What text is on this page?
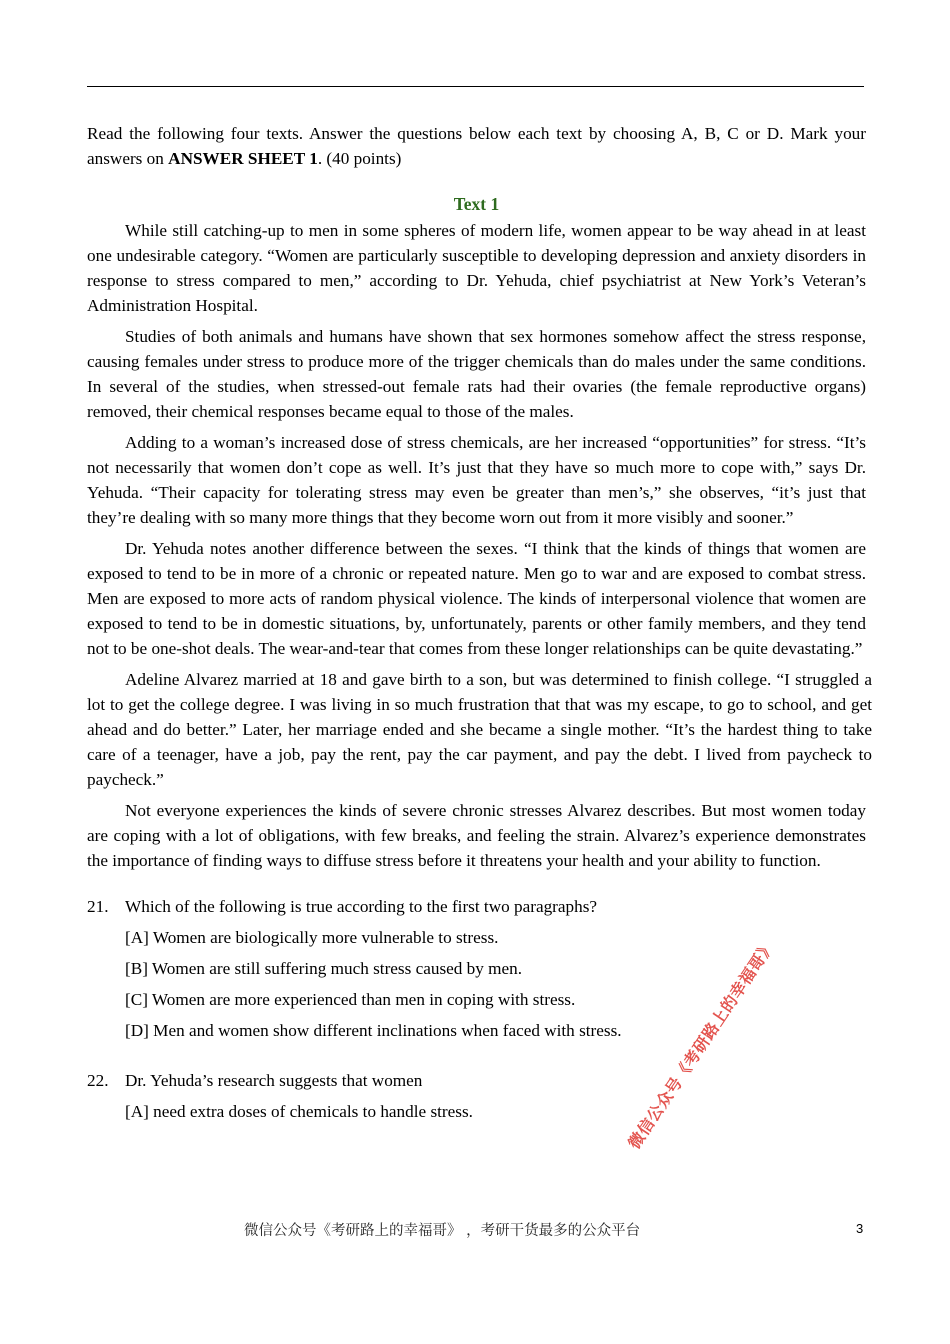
Read the following four texts. Answer the questions below each text by choosing A, B, C or D. Mark your answers on ANSWER SHEET 1. (40 points)

Text 1

While still catching-up to men in some spheres of modern life, women appear to be way ahead in at least one undesirable category. “Women are particularly susceptible to developing depression and anxiety disorders in response to stress compared to men,” according to Dr. Yehuda, chief psychiatrist at New York’s Veteran’s Administration Hospital.

Studies of both animals and humans have shown that sex hormones somehow affect the stress response, causing females under stress to produce more of the trigger chemicals than do males under the same conditions. In several of the studies, when stressed-out female rats had their ovaries (the female reproductive organs) removed, their chemical responses became equal to those of the males.

Adding to a woman’s increased dose of stress chemicals, are her increased “opportunities” for stress. “It’s not necessarily that women don’t cope as well. It’s just that they have so much more to cope with,” says Dr. Yehuda. “Their capacity for tolerating stress may even be greater than men’s,” she observes, “it’s just that they’re dealing with so many more things that they become worn out from it more visibly and sooner.”

Dr. Yehuda notes another difference between the sexes. “I think that the kinds of things that women are exposed to tend to be in more of a chronic or repeated nature. Men go to war and are exposed to combat stress. Men are exposed to more acts of random physical violence. The kinds of interpersonal violence that women are exposed to tend to be in domestic situations, by, unfortunately, parents or other family members, and they tend not to be one-shot deals. The wear-and-tear that comes from these longer relationships can be quite devastating.”

Adeline Alvarez married at 18 and gave birth to a son, but was determined to finish college. “I struggled a lot to get the college degree. I was living in so much frustration that that was my escape, to go to school, and get ahead and do better.” Later, her marriage ended and she became a single mother. “It’s the hardest thing to take care of a teenager, have a job, pay the rent, pay the car payment, and pay the debt. I lived from paycheck to paycheck.”

Not everyone experiences the kinds of severe chronic stresses Alvarez describes. But most women today are coping with a lot of obligations, with few breaks, and feeling the strain. Alvarez’s experience demonstrates the importance of finding ways to diffuse stress before it threatens your health and your ability to function.

21. Which of the following is true according to the first two paragraphs?
[A] Women are biologically more vulnerable to stress.
[B] Women are still suffering much stress caused by men.
[C] Women are more experienced than men in coping with stress.
[D] Men and women show different inclinations when faced with stress.
22. Dr. Yehuda’s research suggests that women
[A] need extra doses of chemicals to handle stress.	微信公众号《考研路上的幸福哥》
微信公众号《考研路上的幸福哥》 ，考研干货最多的公众平台	3
